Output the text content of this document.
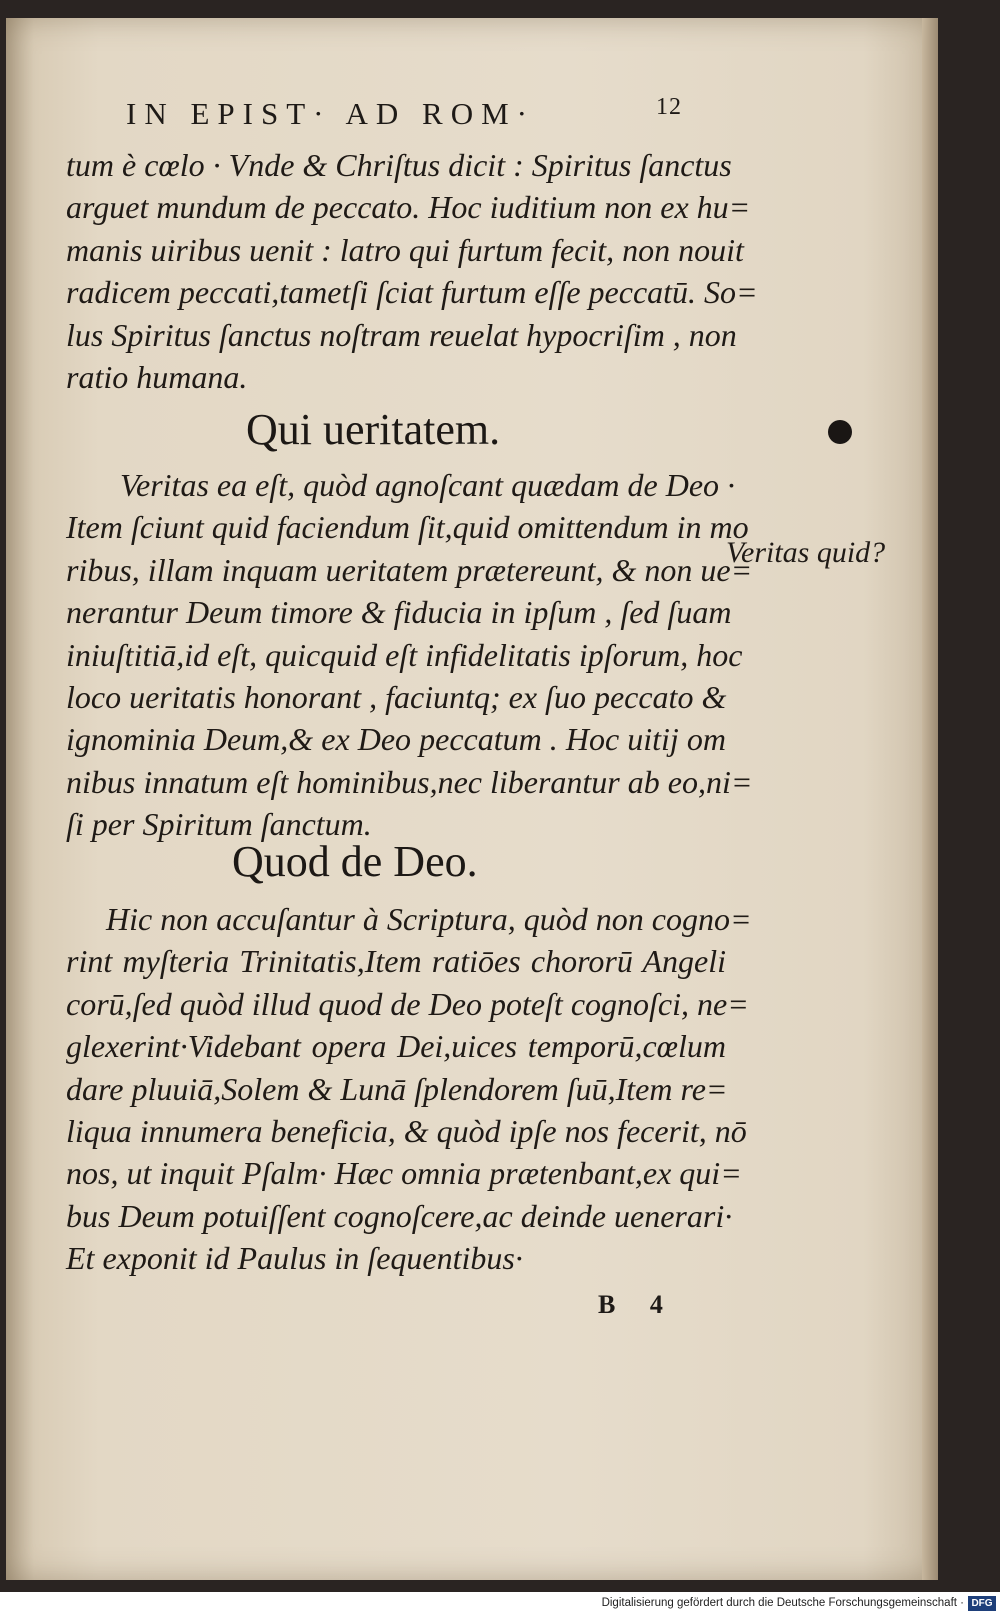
IN EPIST· AD ROM·	12
tum è cœlo · Vnde & Chriſtus dicit : Spiritus ſanctus
arguet mundum de peccato. Hoc iuditium non ex hu=
manis uiribus uenit : latro qui furtum fecit, non nouit
radicem peccati,tametſi ſciat furtum eſſe peccatū. So=
lus Spiritus ſanctus noſtram reuelat hypocriſim , non
ratio humana.
Qui ueritatem.
Veritas ea eſt, quòd agnoſcant quædam de Deo ·
Item ſciunt quid faciendum ſit,quid omittendum in mo
ribus, illam inquam ueritatem prætereunt, & non ue=
nerantur Deum timore & fiducia in ipſum , ſed ſuam
iniuſtitiā,id eſt, quicquid eſt infidelitatis ipſorum, hoc
loco ueritatis honorant , faciuntq; ex ſuo peccato &
ignominia Deum,& ex Deo peccatum . Hoc uitij om
nibus innatum eſt hominibus,nec liberantur ab eo,ni=
ſi per Spiritum ſanctum.
Veritas quid?
Quod de Deo.
Hic non accuſantur à Scriptura, quòd non cogno=
rint myſteria Trinitatis,Item ratiōes chororū Angeli
corū,ſed quòd illud quod de Deo poteſt cognoſci, ne=
glexerint·Videbant opera Dei,uices temporū,cœlum
dare pluuiā,Solem & Lunā ſplendorem ſuū,Item re=
liqua innumera beneficia, & quòd ipſe nos fecerit, nō
nos, ut inquit Pſalm· Hæc omnia prætenbant,ex qui=
bus Deum potuiſſent cognoſcere,ac deinde uenerari·
Et exponit id Paulus in ſequentibus·
B 4
Digitalisierung gefördert durch die Deutsche Forschungsgemeinschaft · DFG
